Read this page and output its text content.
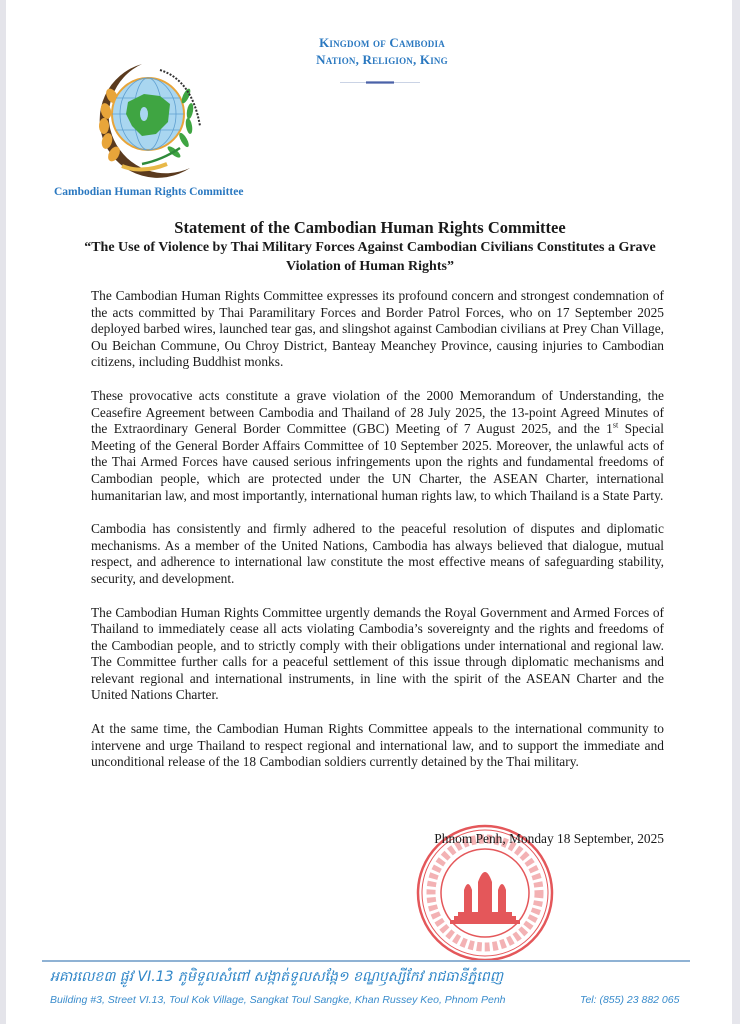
Cambodian Human Rights Committee
Kingdom of Cambodia
Nation, Religion, King
Statement of the Cambodian Human Rights Committee
“The Use of Violence by Thai Military Forces Against Cambodian Civilians Constitutes a Grave Violation of Human Rights”

The Cambodian Human Rights Committee expresses its profound concern and strongest condemnation of the acts committed by Thai Paramilitary Forces and Border Patrol Forces, who on 17 September 2025 deployed barbed wires, launched tear gas, and slingshot against Cambodian civilians at Prey Chan Village, Ou Beichan Commune, Ou Chroy District, Banteay Meanchey Province, causing injuries to Cambodian citizens, including Buddhist monks.

These provocative acts constitute a grave violation of the 2000 Memorandum of Understanding, the Ceasefire Agreement between Cambodia and Thailand of 28 July 2025, the 13-point Agreed Minutes of the Extraordinary General Border Committee (GBC) Meeting of 7 August 2025, and the 1st Special Meeting of the General Border Affairs Committee of 10 September 2025. Moreover, the unlawful acts of the Thai Armed Forces have caused serious infringements upon the rights and fundamental freedoms of Cambodian people, which are protected under the UN Charter, the ASEAN Charter, international humanitarian law, and most importantly, international human rights law, to which Thailand is a State Party.

Cambodia has consistently and firmly adhered to the peaceful resolution of disputes and diplomatic mechanisms. As a member of the United Nations, Cambodia has always believed that dialogue, mutual respect, and adherence to international law constitute the most effective means of safeguarding stability, security, and development.

The Cambodian Human Rights Committee urgently demands the Royal Government and Armed Forces of Thailand to immediately cease all acts violating Cambodia’s sovereignty and the rights and freedoms of the Cambodian people, and to strictly comply with their obligations under international and regional law. The Committee further calls for a peaceful settlement of this issue through diplomatic mechanisms and relevant regional and international instruments, in line with the spirit of the ASEAN Charter and the United Nations Charter.

At the same time, the Cambodian Human Rights Committee appeals to the international community to intervene and urge Thailand to respect regional and international law, and to support the immediate and unconditional release of the 18 Cambodian soldiers currently detained by the Thai military.

Phnom Penh, Monday 18 September, 2025
អគារលេខ៣ ផ្លូវ VI.13 ភូមិទួលសំពៅ សង្កាត់ទួលសង្កែ១ ខណ្ឌឫស្សីកែវ រាជធានីភ្នំពេញ
Building #3, Street VI.13, Toul Kok Village, Sangkat Toul Sangke, Khan Russey Keo, Phnom Penh	Tel: (855) 23 882 065
